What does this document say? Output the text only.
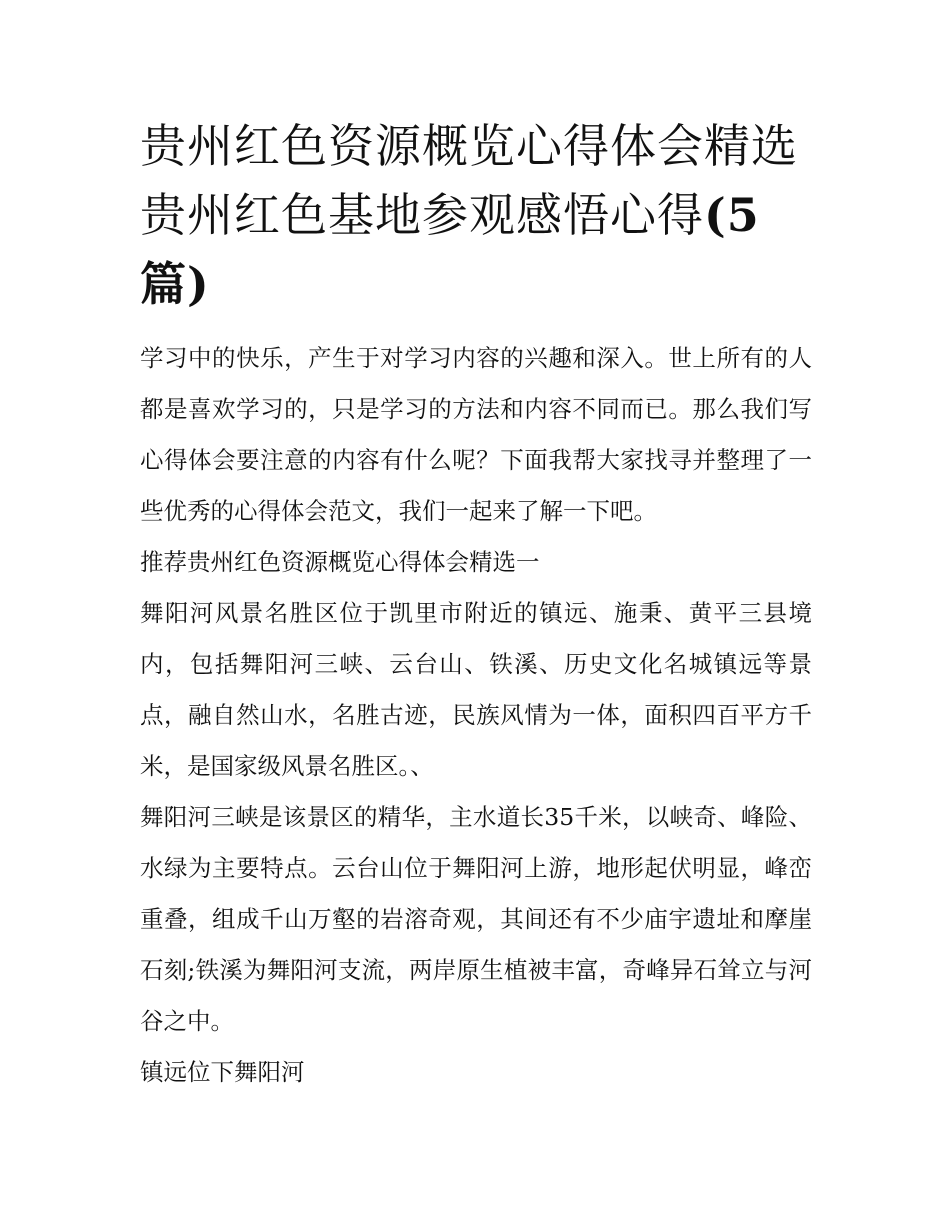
贵州红色资源概览心得体会精选 贵州红色基地参观感悟心得(5篇)

学习中的快乐，产生于对学习内容的兴趣和深入。世上所有的人都是喜欢学习的，只是学习的方法和内容不同而已。那么我们写心得体会要注意的内容有什么呢？下面我帮大家找寻并整理了一些优秀的心得体会范文，我们一起来了解一下吧。

推荐贵州红色资源概览心得体会精选一

舞阳河风景名胜区位于凯里市附近的镇远、施秉、黄平三县境内，包括舞阳河三峡、云台山、铁溪、历史文化名城镇远等景点，融自然山水，名胜古迹，民族风情为一体，面积四百平方千米，是国家级风景名胜区。、

舞阳河三峡是该景区的精华，主水道长35千米，以峡奇、峰险、水绿为主要特点。云台山位于舞阳河上游，地形起伏明显，峰峦重叠，组成千山万壑的岩溶奇观，其间还有不少庙宇遗址和摩崖石刻;铁溪为舞阳河支流，两岸原生植被丰富，奇峰异石耸立与河谷之中。

镇远位下舞阳河
